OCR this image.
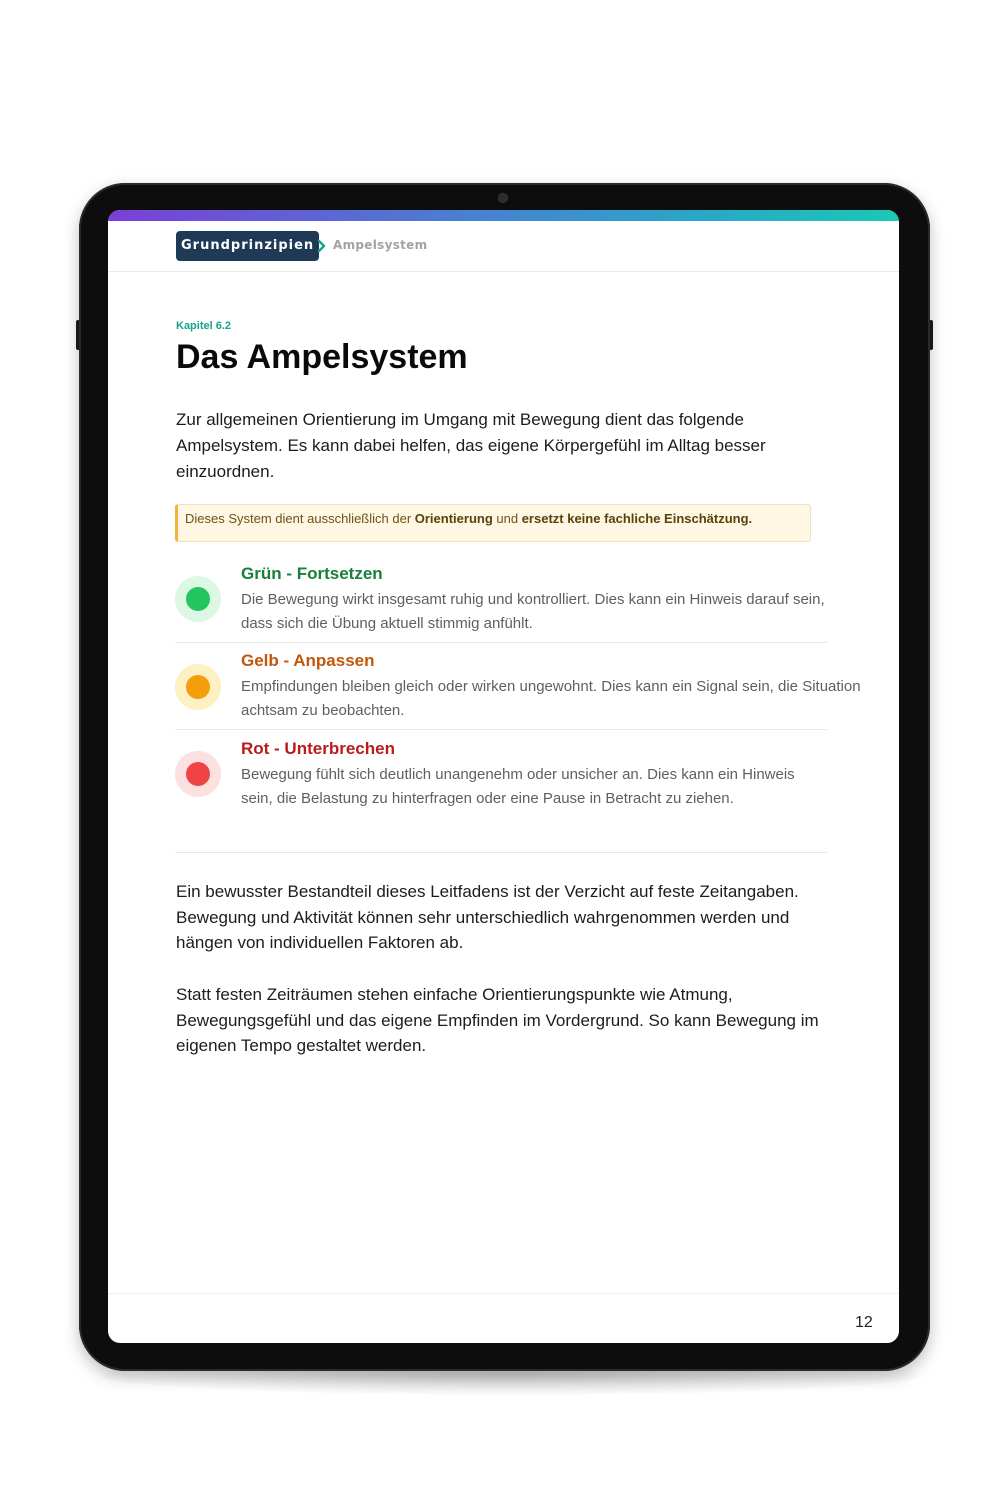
Grundprinzipien	Ampelsystem
Kapitel 6.2
Das Ampelsystem

Zur allgemeinen Orientierung im Umgang mit Bewegung dient das folgende Ampelsystem. Es kann dabei helfen, das eigene Körpergefühl im Alltag besser einzuordnen.

Dieses System dient ausschließlich der Orientierung und ersetzt keine fachliche Einschätzung.
Grün - Fortsetzen

Die Bewegung wirkt insgesamt ruhig und kontrolliert. Dies kann ein Hinweis darauf sein, dass sich die Übung aktuell stimmig anfühlt.

Gelb - Anpassen

Empfindungen bleiben gleich oder wirken ungewohnt. Dies kann ein Signal sein, die Situation achtsam zu beobachten.

Rot - Unterbrechen

Bewegung fühlt sich deutlich unangenehm oder unsicher an. Dies kann ein Hinweis sein, die Belastung zu hinterfragen oder eine Pause in Betracht zu ziehen.

Ein bewusster Bestandteil dieses Leitfadens ist der Verzicht auf feste Zeitangaben. Bewegung und Aktivität können sehr unterschiedlich wahrgenommen werden und hängen von individuellen Faktoren ab.

Statt festen Zeiträumen stehen einfache Orientierungspunkte wie Atmung, Bewegungsgefühl und das eigene Empfinden im Vordergrund. So kann Bewegung im eigenen Tempo gestaltet werden.

12
